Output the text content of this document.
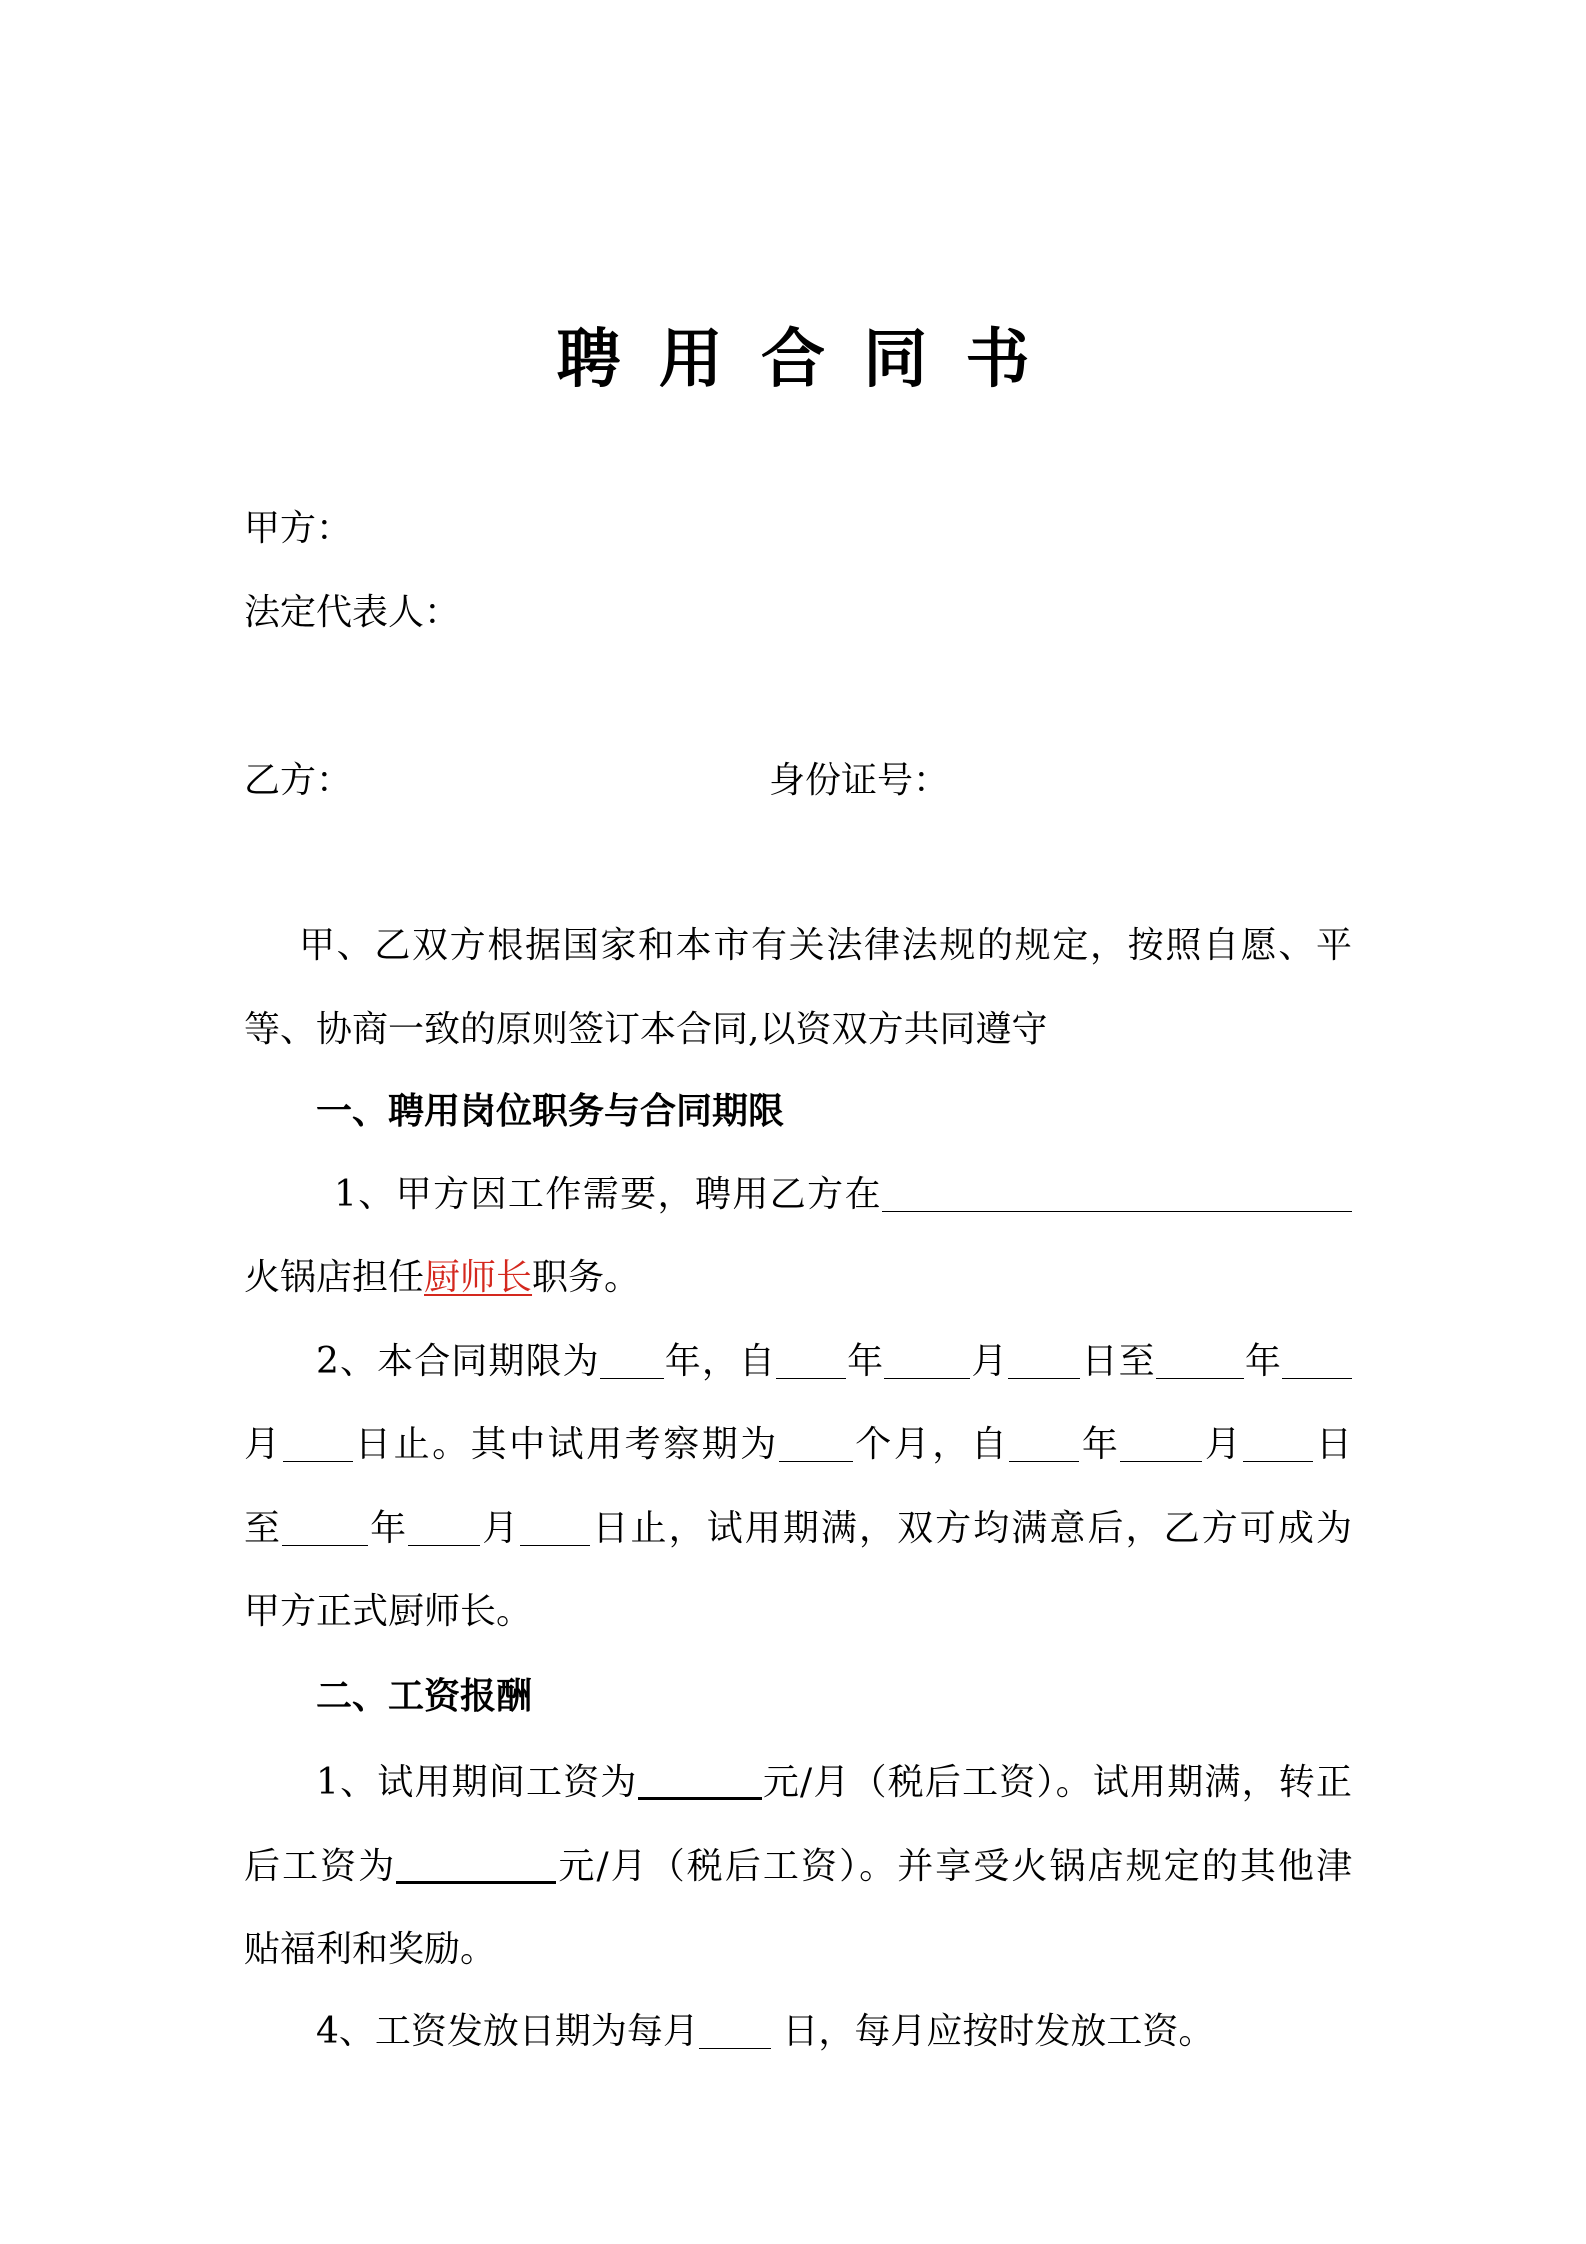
聘 用 合 同 书
甲方：
法定代表人：
乙方：	身份证号：
甲、乙双方根据国家和本市有关法律法规的规定，按照自愿、平
等、协商一致的原则签订本合同,以资双方共同遵守
一、聘用岗位职务与合同期限
1、甲方因工作需要，聘用乙方在
火锅店担任厨师长职务。
2、本合同期限为 年，自 年 月 日至 年
月 日止。其中试用考察期为 个月，自 年 月 日
至 年 月 日止，试用期满，双方均满意后，乙方可成为
甲方正式厨师长。
二、工资报酬
1、试用期间工资为	元/月（税后工资）。试用期满，转正
后工资为	元/月（税后工资）。并享受火锅店规定的其他津
贴福利和奖励。
4、工资发放日期为每月 日，每月应按时发放工资。
